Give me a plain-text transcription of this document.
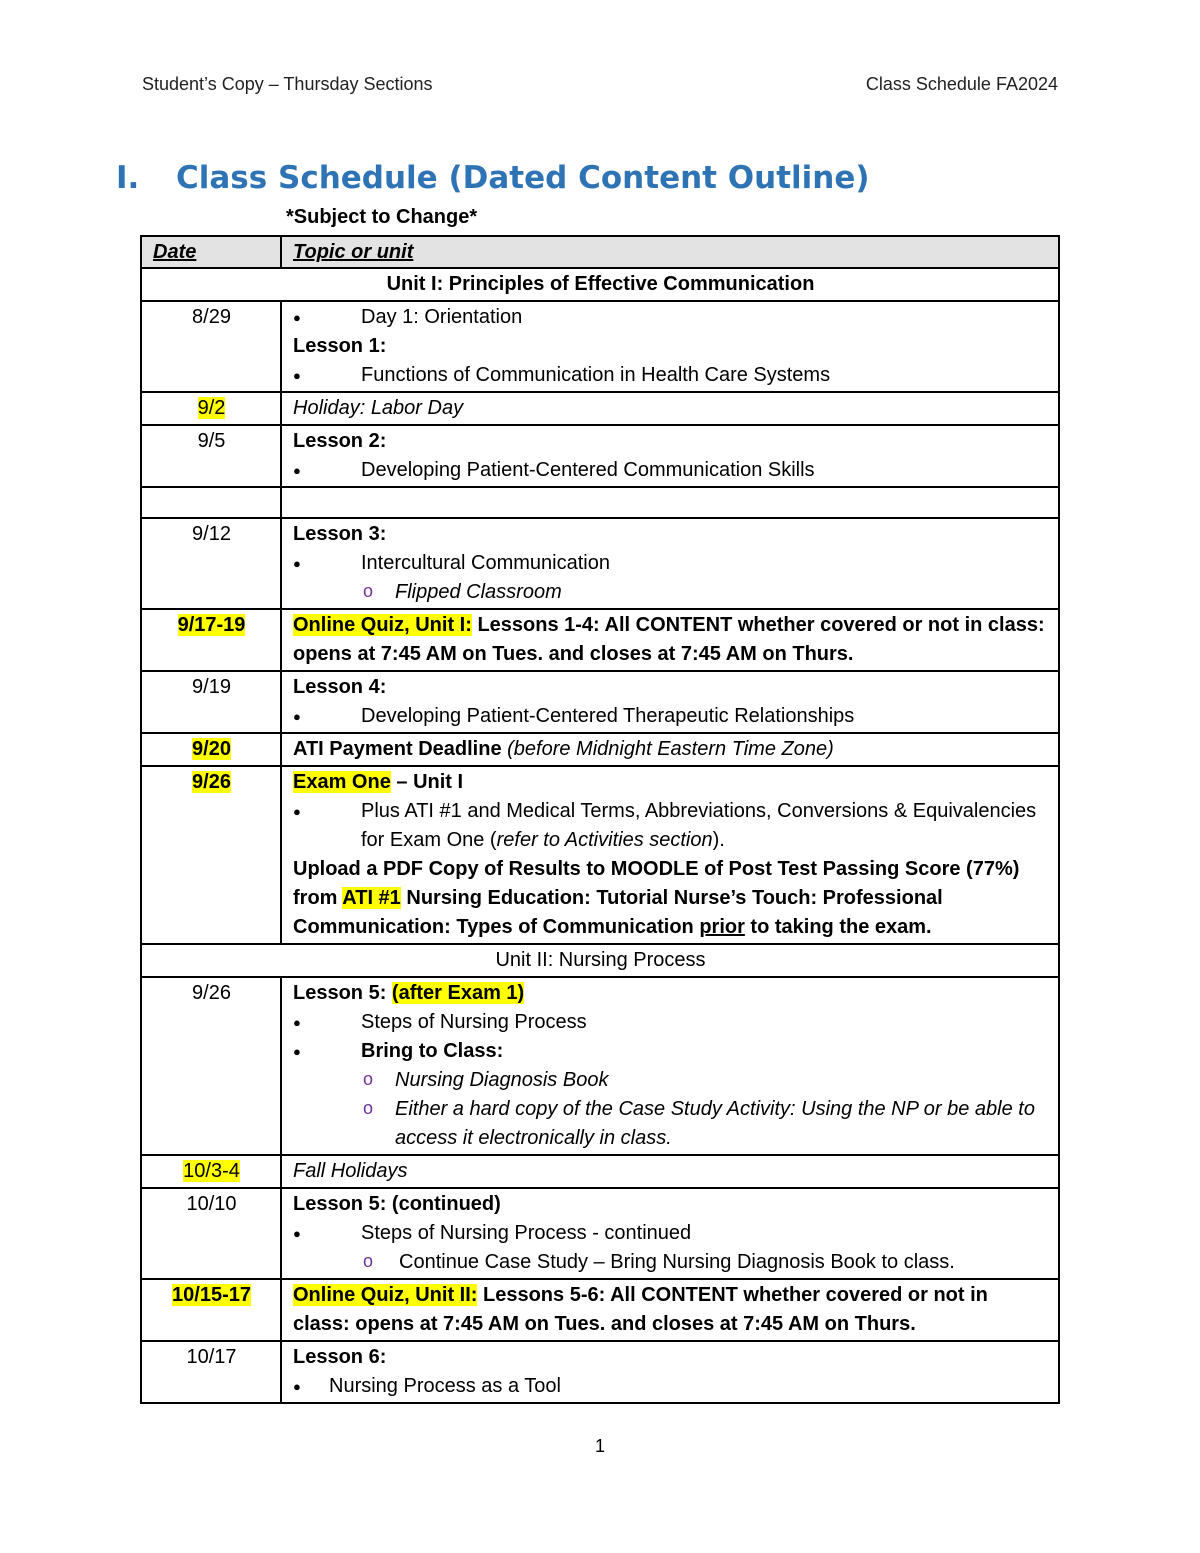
Student’s Copy – Thursday Sections	Class Schedule FA2024
I. Class Schedule (Dated Content Outline)
*Subject to Change*
Date	Topic or unit
Unit I: Principles of Effective Communication	
8/29	● Day 1: Orientation
Lesson 1:
● Functions of Communication in Health Care Systems

9/2	Holiday: Labor Day
9/5	Lesson 2:
● Developing Patient-Centered Communication Skills

9/12	Lesson 3:
● Intercultural Communication
o Flipped Classroom

9/17-19	Online Quiz, Unit I: Lessons 1-4: All CONTENT whether covered or not in class: opens at 7:45 AM on Tues. and closes at 7:45 AM on Thurs.
9/19	Lesson 4:
● Developing Patient-Centered Therapeutic Relationships

9/20	ATI Payment Deadline (before Midnight Eastern Time Zone)
9/26	Exam One – Unit I
● Plus ATI #1 and Medical Terms, Abbreviations, Conversions & Equivalencies for Exam One (refer to Activities section).
Upload a PDF Copy of Results to MOODLE of Post Test Passing Score (77%) from ATI #1 Nursing Education: Tutorial Nurse’s Touch: Professional Communication: Types of Communication prior to taking the exam.

Unit II: Nursing Process	
9/26	Lesson 5: (after Exam 1)
● Steps of Nursing Process
● Bring to Class:
o Nursing Diagnosis Book
o Either a hard copy of the Case Study Activity: Using the NP or be able to access it electronically in class.

10/3-4	Fall Holidays
10/10	Lesson 5: (continued)
● Steps of Nursing Process - continued
o Continue Case Study – Bring Nursing Diagnosis Book to class.

10/15-17	Online Quiz, Unit II: Lessons 5-6: All CONTENT whether covered or not in class: opens at 7:45 AM on Tues. and closes at 7:45 AM on Thurs.
10/17	Lesson 6:
● Nursing Process as a Tool
1
